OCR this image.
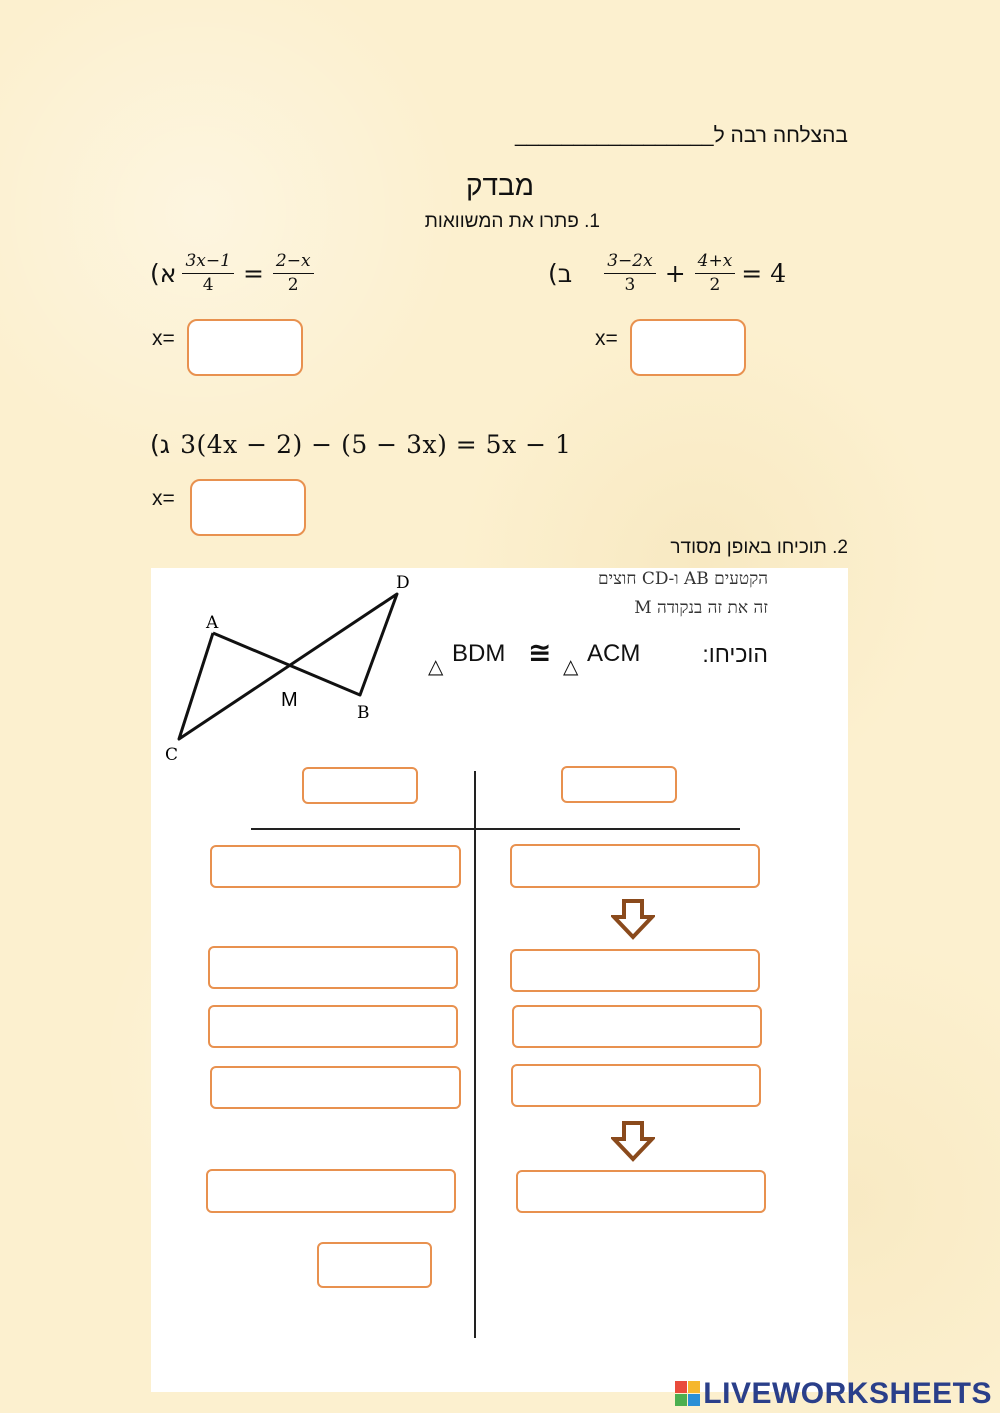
בהצלחה רבה ל_________________
מבדק
1. פתרו את המשוואות
א) $\frac{3x-1}{4} = \frac{2-x}{2}$	ב) $\frac{3-2x}{3} + \frac{4+x}{2} = 4$
x=	x=
ג) 3(4x − 2) − (5 − 3x) = 5x − 1
x=
2. תוכיחו באופן מסודר
A
D
M
B
C
הקטעים AB ו-CD חוצים
זה את זה בנקודה M
△ BDM ≅ △ ACM	הוכיחו:
LIVEWORKSHEETS
